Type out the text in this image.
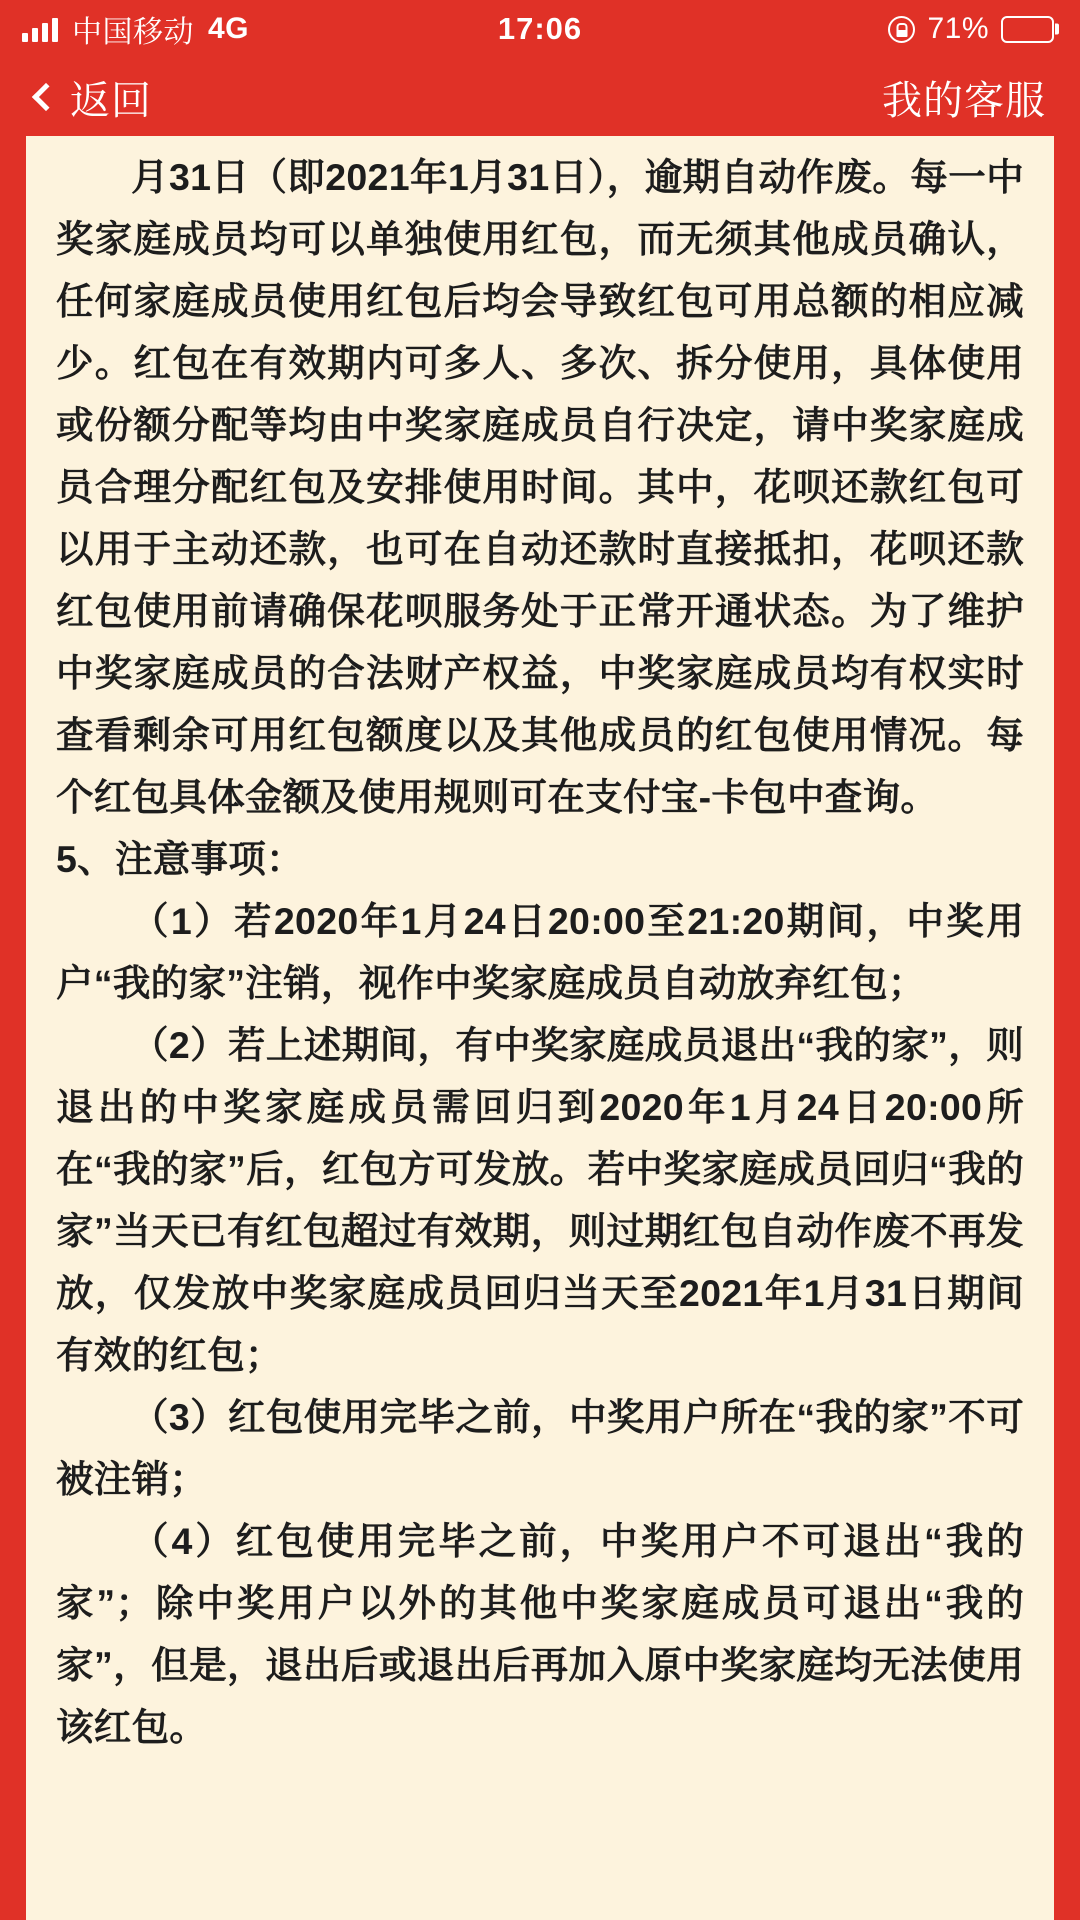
中国移动 4G	17:06	71%
返回	我的客服

月31日（即2021年1月31日），逾期自动作废。每一中奖家庭成员均可以单独使用红包，而无须其他成员确认，任何家庭成员使用红包后均会导致红包可用总额的相应减少。红包在有效期内可多人、多次、拆分使用，具体使用或份额分配等均由中奖家庭成员自行决定，请中奖家庭成员合理分配红包及安排使用时间。其中，花呗还款红包可以用于主动还款，也可在自动还款时直接抵扣，花呗还款红包使用前请确保花呗服务处于正常开通状态。为了维护中奖家庭成员的合法财产权益，中奖家庭成员均有权实时查看剩余可用红包额度以及其他成员的红包使用情况。每个红包具体金额及使用规则可在支付宝-卡包中查询。

5、注意事项：

（1）若2020年1月24日20:00至21:20期间，中奖用户“我的家”注销，视作中奖家庭成员自动放弃红包；

（2）若上述期间，有中奖家庭成员退出“我的家”，则退出的中奖家庭成员需回归到2020年1月24日20:00所在“我的家”后，红包方可发放。若中奖家庭成员回归“我的家”当天已有红包超过有效期，则过期红包自动作废不再发放，仅发放中奖家庭成员回归当天至2021年1月31日期间有效的红包；

（3）红包使用完毕之前，中奖用户所在“我的家”不可被注销；

（4）红包使用完毕之前，中奖用户不可退出“我的家”；除中奖用户以外的其他中奖家庭成员可退出“我的家”，但是，退出后或退出后再加入原中奖家庭均无法使用该红包。
